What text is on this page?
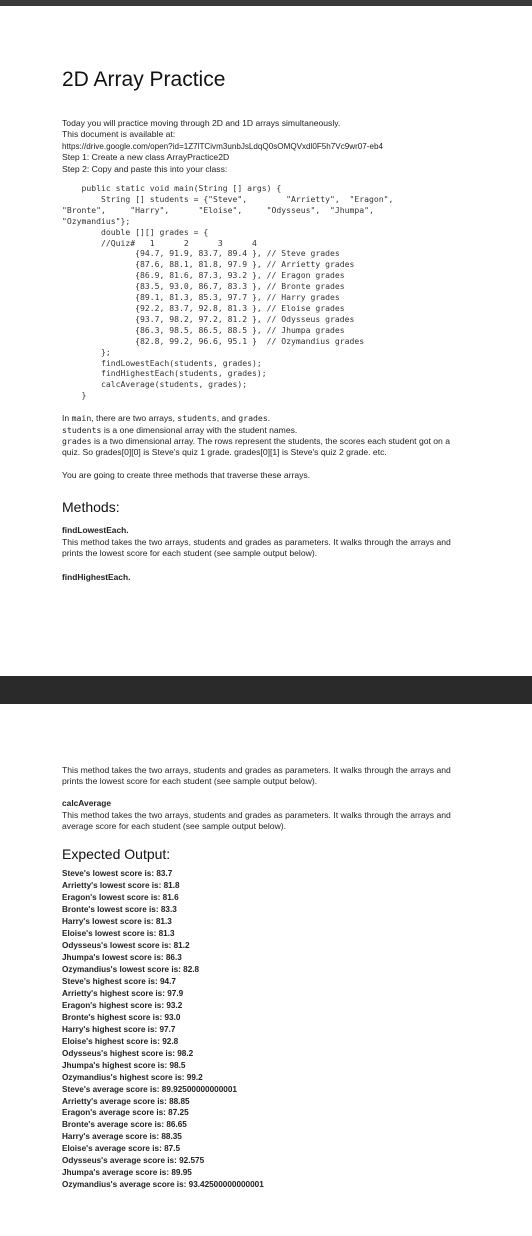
2D Array Practice

Today you will practice moving through 2D and 1D arrays simultaneously.

This document is available at:

https://drive.google.com/open?id=1Z7lTCivm3unbJsLdqQ0sOMQVxdl0F5h7Vc9wr07-eb4

Step 1: Create a new class ArrayPractice2D

Step 2: Copy and paste this into your class:

public static void main(String [] args) {
String [] students = {"Steve",        "Arrietty",  "Eragon",
"Bronte",     "Harry",      "Eloise",     "Odysseus",  "Jhumpa",
"Ozymandius"};
double [][] grades = {
//Quiz#   1      2      3      4
{94.7, 91.9, 83.7, 89.4 }, // Steve grades
{87.6, 88.1, 81.8, 97.9 }, // Arrietty grades
{86.9, 81.6, 87.3, 93.2 }, // Eragon grades
{83.5, 93.0, 86.7, 83.3 }, // Bronte grades
{89.1, 81.3, 85.3, 97.7 }, // Harry grades
{92.2, 83.7, 92.8, 81.3 }, // Eloise grades
{93.7, 98.2, 97.2, 81.2 }, // Odysseus grades
{86.3, 98.5, 86.5, 88.5 }, // Jhumpa grades
{82.8, 99.2, 96.6, 95.1 }  // Ozymandius grades
};
findLowestEach(students, grades);
findHighestEach(students, grades);
calcAverage(students, grades);
}

In main, there are two arrays, students, and grades.

students is a one dimensional array with the student names.

grades is a two dimensional array. The rows represent the students, the scores each student got on a quiz. So grades[0][0] is Steve's quiz 1 grade. grades[0][1] is Steve's quiz 2 grade. etc.

You are going to create three methods that traverse these arrays.

Methods:

findLowestEach.

This method takes the two arrays, students and grades as parameters. It walks through the arrays and prints the lowest score for each student (see sample output below).

findHighestEach.

This method takes the two arrays, students and grades as parameters. It walks through the arrays and prints the lowest score for each student (see sample output below).

calcAverage

This method takes the two arrays, students and grades as parameters. It walks through the arrays and average score for each student (see sample output below).

Expected Output:
Steve's lowest score is: 83.7
Arrietty's lowest score is: 81.8
Eragon's lowest score is: 81.6
Bronte's lowest score is: 83.3
Harry's lowest score is: 81.3
Eloise's lowest score is: 81.3
Odysseus's lowest score is: 81.2
Jhumpa's lowest score is: 86.3
Ozymandius's lowest score is: 82.8
Steve's highest score is: 94.7
Arrietty's highest score is: 97.9
Eragon's highest score is: 93.2
Bronte's highest score is: 93.0
Harry's highest score is: 97.7
Eloise's highest score is: 92.8
Odysseus's highest score is: 98.2
Jhumpa's highest score is: 98.5
Ozymandius's highest score is: 99.2
Steve's average score is: 89.92500000000001
Arrietty's average score is: 88.85
Eragon's average score is: 87.25
Bronte's average score is: 86.65
Harry's average score is: 88.35
Eloise's average score is: 87.5
Odysseus's average score is: 92.575
Jhumpa's average score is: 89.95
Ozymandius's average score is: 93.42500000000001
